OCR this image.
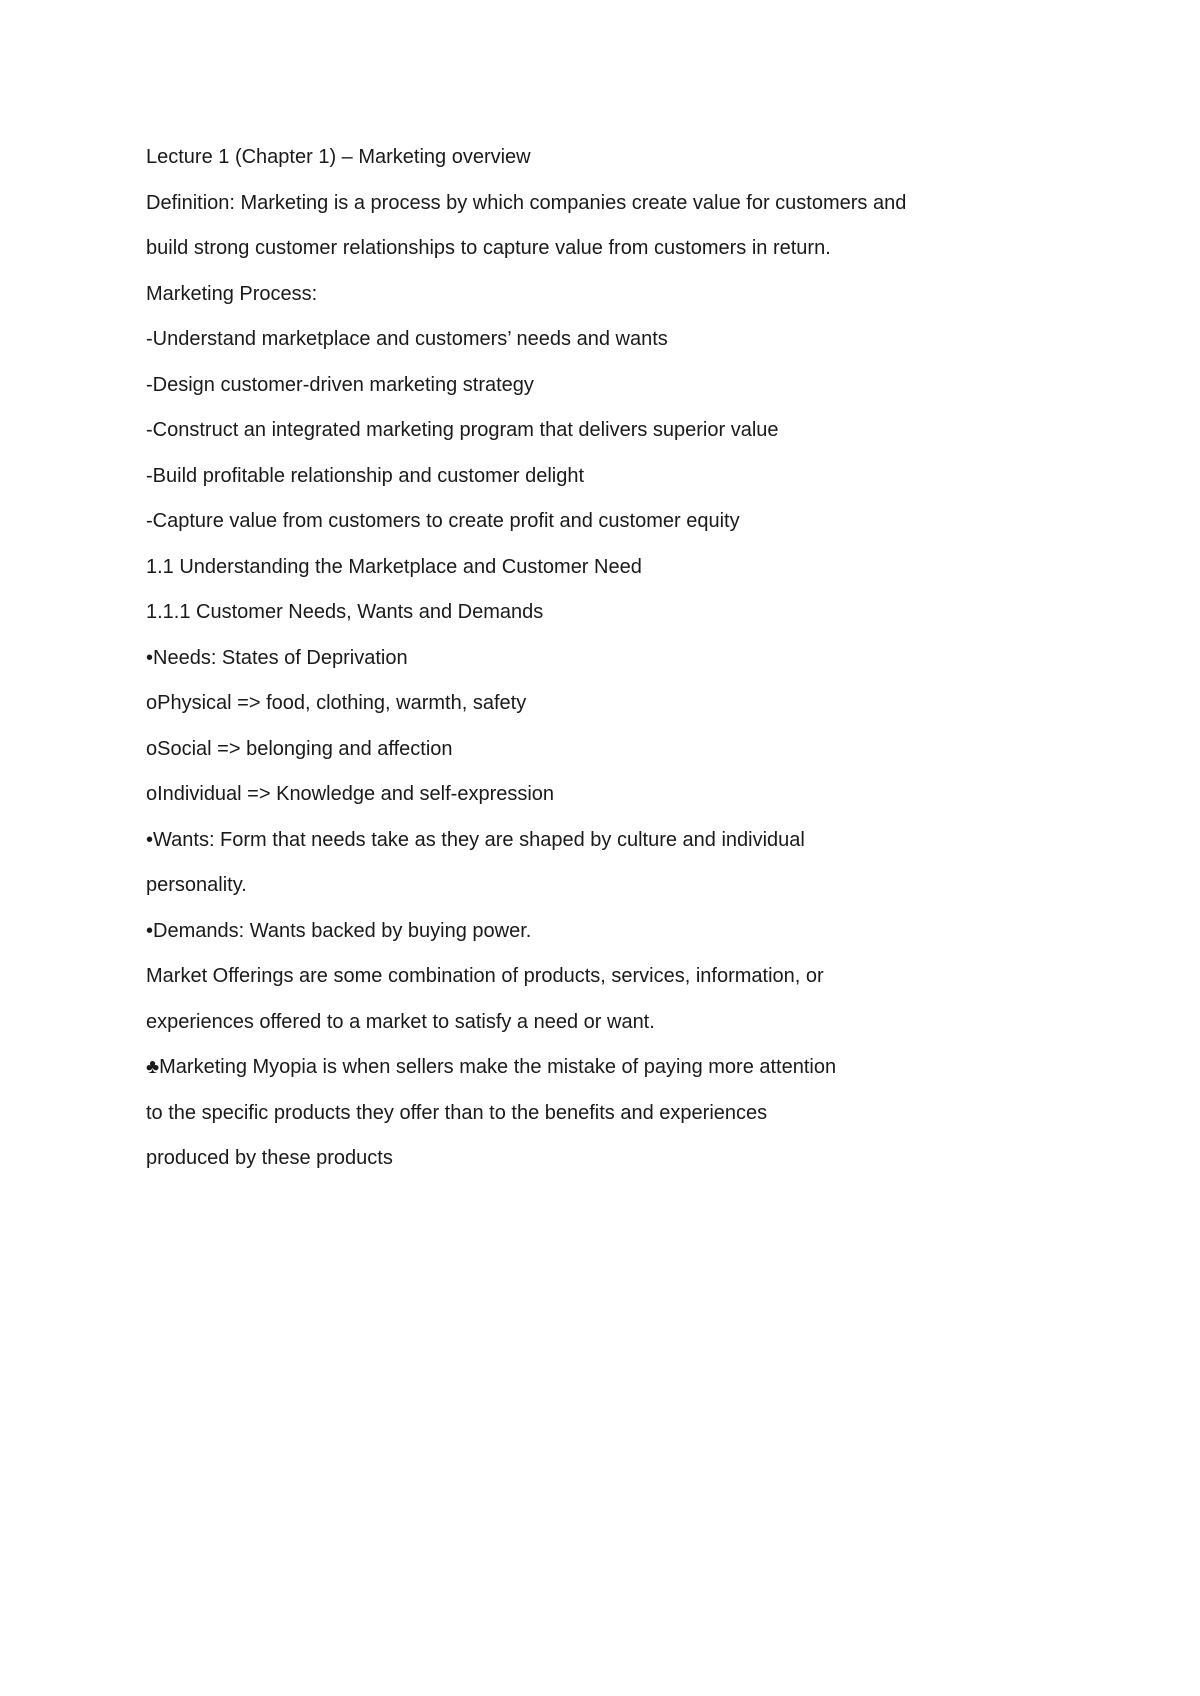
Lecture 1 (Chapter 1) – Marketing overview
Definition: Marketing is a process by which companies create value for customers and
build strong customer relationships to capture value from customers in return.
Marketing Process:
-Understand marketplace and customers’ needs and wants
-Design customer-driven marketing strategy
-Construct an integrated marketing program that delivers superior value
-Build profitable relationship and customer delight
-Capture value from customers to create profit and customer equity
1.1 Understanding the Marketplace and Customer Need
1.1.1 Customer Needs, Wants and Demands
•Needs: States of Deprivation
oPhysical => food, clothing, warmth, safety
oSocial => belonging and affection
oIndividual => Knowledge and self-expression
•Wants: Form that needs take as they are shaped by culture and individual
personality.
•Demands: Wants backed by buying power.
Market Offerings are some combination of products, services, information, or
experiences offered to a market to satisfy a need or want.
♣Marketing Myopia is when sellers make the mistake of paying more attention
to the specific products they offer than to the benefits and experiences
produced by these products
